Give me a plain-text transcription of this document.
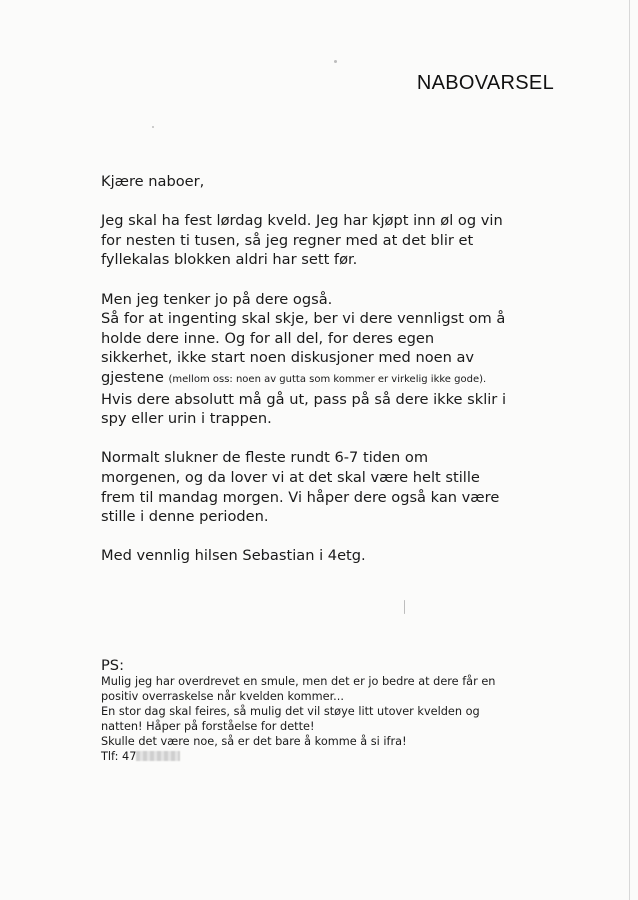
NABOVARSEL

Kjære naboer,

Jeg skal ha fest lørdag kveld. Jeg har kjøpt inn øl og vin
for nesten ti tusen, så jeg regner med at det blir et
fyllekalas blokken aldri har sett før.

Men jeg tenker jo på dere også.
Så for at ingenting skal skje, ber vi dere vennligst om å
holde dere inne. Og for all del, for deres egen
sikkerhet, ikke start noen diskusjoner med noen av
gjestene (mellom oss: noen av gutta som kommer er virkelig ikke gode).
Hvis dere absolutt må gå ut, pass på så dere ikke sklir i
spy eller urin i trappen.

Normalt slukner de fleste rundt 6-7 tiden om
morgenen, og da lover vi at det skal være helt stille
frem til mandag morgen. Vi håper dere også kan være
stille i denne perioden.

Med vennlig hilsen Sebastian i 4etg.

PS:
Mulig jeg har overdrevet en smule, men det er jo bedre at dere får en
positiv overraskelse når kvelden kommer...
En stor dag skal feires, så mulig det vil støye litt utover kvelden og
natten! Håper på forståelse for dette!
Skulle det være noe, så er det bare å komme å si ifra!
Tlf: 47
